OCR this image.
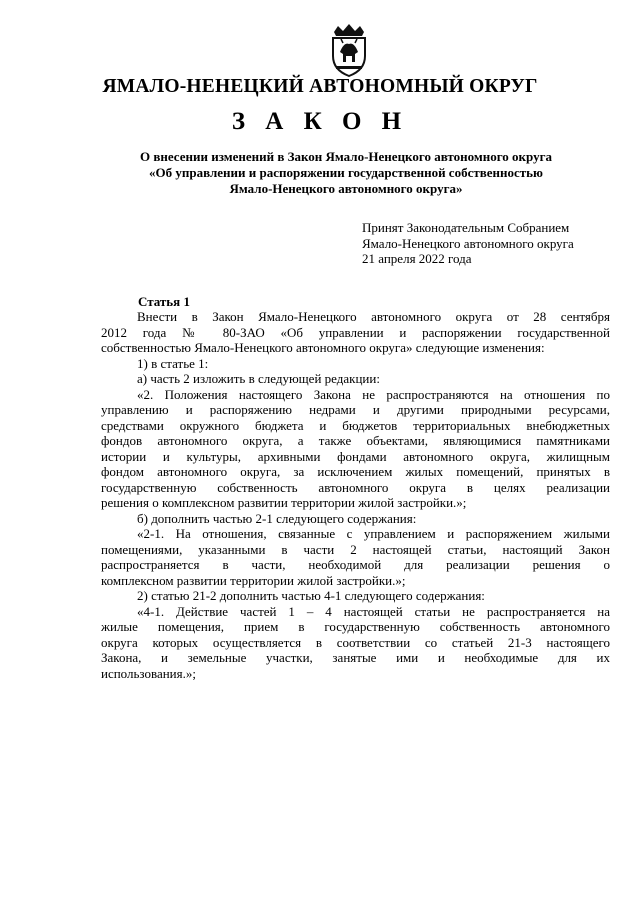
ЯМАЛО-НЕНЕЦКИЙ АВТОНОМНЫЙ ОКРУГ
З А К О Н
О внесении изменений в Закон Ямало-Ненецкого автономного округа
«Об управлении и распоряжении государственной собственностью
Ямало-Ненецкого автономного округа»
Принят Законодательным Собранием
Ямало-Ненецкого автономного округа
21 апреля 2022 года
Статья 1
Внести в Закон Ямало-Ненецкого автономного округа от 28 сентября
2012 года № 80-ЗАО «Об управлении и распоряжении государственной
собственностью Ямало-Ненецкого автономного округа» следующие изменения:
1) в статье 1:
а) часть 2 изложить в следующей редакции:
«2. Положения настоящего Закона не распространяются на отношения по
управлению и распоряжению недрами и другими природными ресурсами,
средствами окружного бюджета и бюджетов территориальных внебюджетных
фондов автономного округа, а также объектами, являющимися памятниками
истории и культуры, архивными фондами автономного округа, жилищным
фондом автономного округа, за исключением жилых помещений, принятых в
государственную собственность автономного округа в целях реализации
решения о комплексном развитии территории жилой застройки.»;
б) дополнить частью 2-1 следующего содержания:
«2-1. На отношения, связанные с управлением и распоряжением жилыми
помещениями, указанными в части 2 настоящей статьи, настоящий Закон
распространяется в части, необходимой для реализации решения о
комплексном развитии территории жилой застройки.»;
2) статью 21-2 дополнить частью 4-1 следующего содержания:
«4-1. Действие частей 1 – 4 настоящей статьи не распространяется на
жилые помещения, прием в государственную собственность автономного
округа которых осуществляется в соответствии со статьей 21-3 настоящего
Закона, и земельные участки, занятые ими и необходимые для их
использования.»;
